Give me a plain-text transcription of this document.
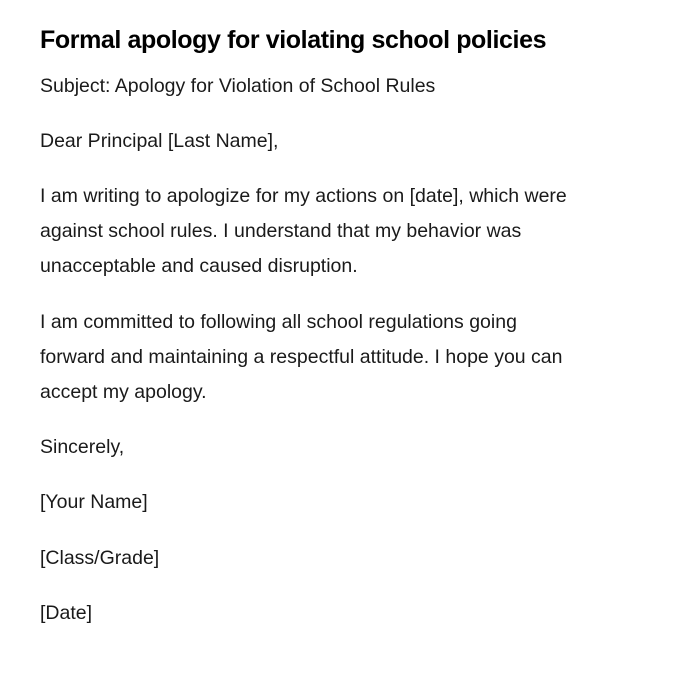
Formal apology for violating school policies

Subject: Apology for Violation of School Rules

Dear Principal [Last Name],

I am writing to apologize for my actions on [date], which were
against school rules. I understand that my behavior was
unacceptable and caused disruption.
I am committed to following all school regulations going
forward and maintaining a respectful attitude. I hope you can
accept my apology.

Sincerely,

[Your Name]

[Class/Grade]

[Date]
